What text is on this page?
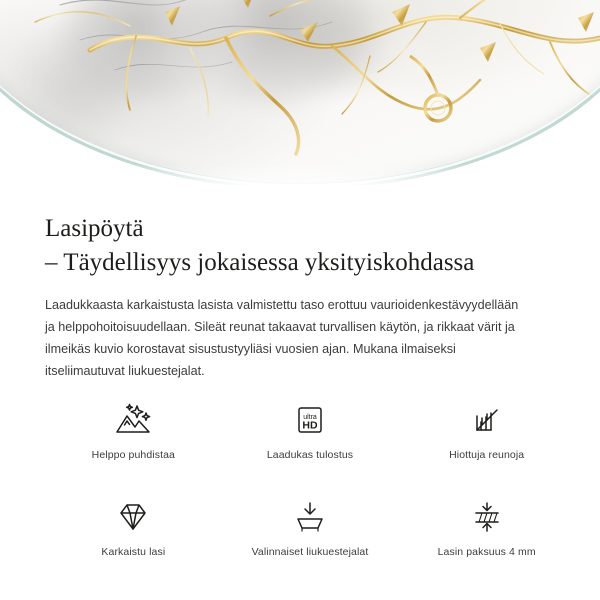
Lasipöytä
– Täydellisyys jokaisessa yksityiskohdassa

Laadukkaasta karkaistusta lasista valmistettu taso erottuu vaurioidenkestävyydellään ja helppohoitoisuudellaan. Sileät reunat takaavat turvallisen käytön, ja rikkaat värit ja ilmeikäs kuvio korostavat sisustustyyliäsi vuosien ajan. Mukana ilmaiseksi itseliimautuvat liukuestejalat.

Helppo puhdistaa
ultra
HD
Laadukas tulostus	Hiottuja reunoja
Karkaistu lasi	Valinnaiset liukuestejalat	Lasin paksuus 4 mm
